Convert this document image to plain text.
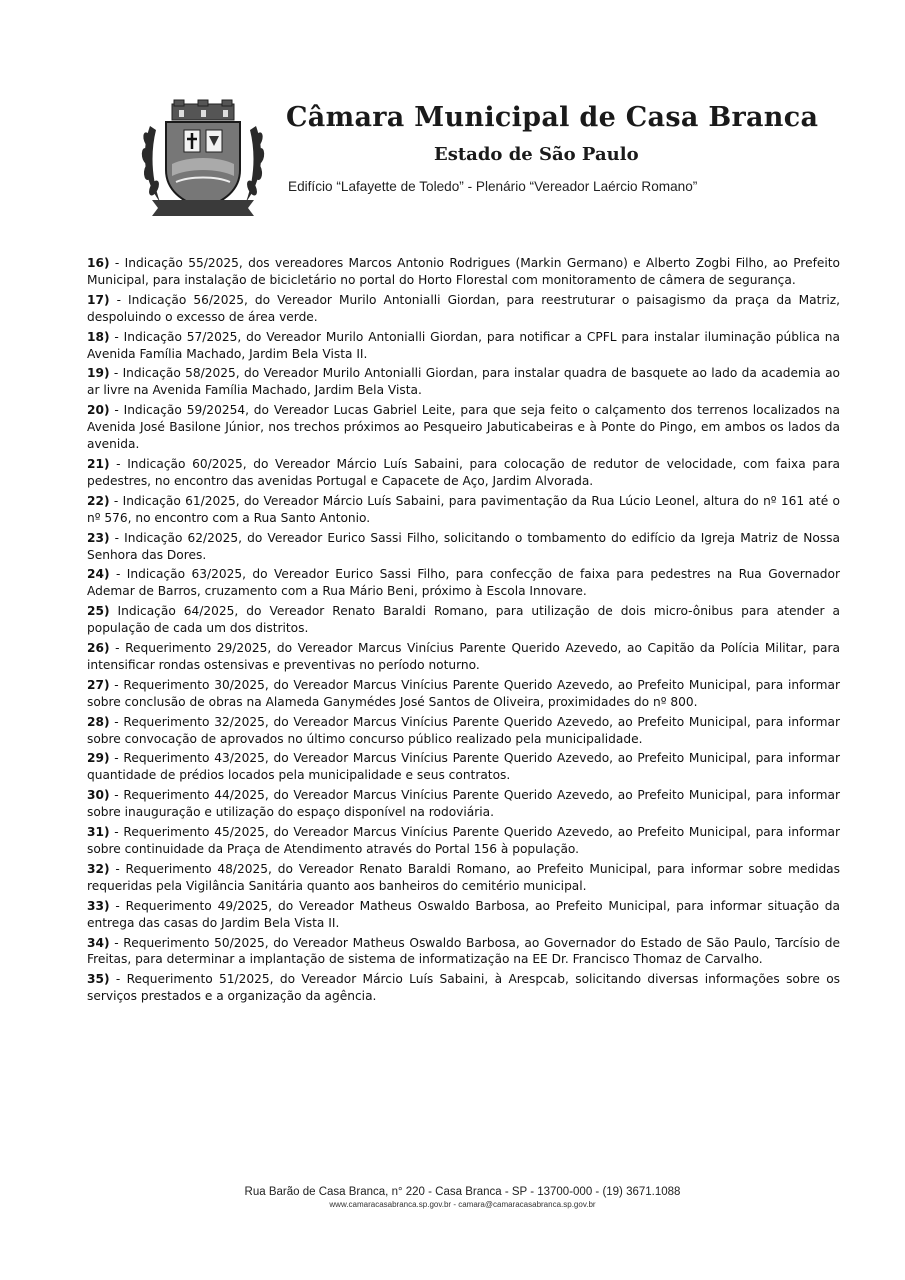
Câmara Municipal de Casa Branca
Estado de São Paulo
Edifício “Lafayette de Toledo” - Plenário “Vereador Laércio Romano”

16) - Indicação 55/2025, dos vereadores Marcos Antonio Rodrigues (Markin Germano) e Alberto Zogbi Filho, ao Prefeito Municipal, para instalação de bicicletário no portal do Horto Florestal com monitoramento de câmera de segurança.

17) - Indicação 56/2025, do Vereador Murilo Antonialli Giordan, para reestruturar o paisagismo da praça da Matriz, despoluindo o excesso de área verde.

18) - Indicação 57/2025, do Vereador Murilo Antonialli Giordan, para notificar a CPFL para instalar iluminação pública na Avenida Família Machado, Jardim Bela Vista II.

19) - Indicação 58/2025, do Vereador Murilo Antonialli Giordan, para instalar quadra de basquete ao lado da academia ao ar livre na Avenida Família Machado, Jardim Bela Vista.

20) - Indicação 59/20254, do Vereador Lucas Gabriel Leite, para que seja feito o calçamento dos terrenos localizados na Avenida José Basilone Júnior, nos trechos próximos ao Pesqueiro Jabuticabeiras e à Ponte do Pingo, em ambos os lados da avenida.

21) - Indicação 60/2025, do Vereador Márcio Luís Sabaini, para colocação de redutor de velocidade, com faixa para pedestres, no encontro das avenidas Portugal e Capacete de Aço, Jardim Alvorada.

22) - Indicação 61/2025, do Vereador Márcio Luís Sabaini, para pavimentação da Rua Lúcio Leonel, altura do nº 161 até o nº 576, no encontro com a Rua Santo Antonio.

23) - Indicação 62/2025, do Vereador Eurico Sassi Filho, solicitando o tombamento do edifício da Igreja Matriz de Nossa Senhora das Dores.

24) - Indicação 63/2025, do Vereador Eurico Sassi Filho, para confecção de faixa para pedestres na Rua Governador Ademar de Barros, cruzamento com a Rua Mário Beni, próximo à Escola Innovare.

25) Indicação 64/2025, do Vereador Renato Baraldi Romano, para utilização de dois micro-ônibus para atender a população de cada um dos distritos.

26) - Requerimento 29/2025, do Vereador Marcus Vinícius Parente Querido Azevedo, ao Capitão da Polícia Militar, para intensificar rondas ostensivas e preventivas no período noturno.

27) - Requerimento 30/2025, do Vereador Marcus Vinícius Parente Querido Azevedo, ao Prefeito Municipal, para informar sobre conclusão de obras na Alameda Ganymédes José Santos de Oliveira, proximidades do nº 800.

28) - Requerimento 32/2025, do Vereador Marcus Vinícius Parente Querido Azevedo, ao Prefeito Municipal, para informar sobre convocação de aprovados no último concurso público realizado pela municipalidade.

29) - Requerimento 43/2025, do Vereador Marcus Vinícius Parente Querido Azevedo, ao Prefeito Municipal, para informar quantidade de prédios locados pela municipalidade e seus contratos.

30) - Requerimento 44/2025, do Vereador Marcus Vinícius Parente Querido Azevedo, ao Prefeito Municipal, para informar sobre inauguração e utilização do espaço disponível na rodoviária.

31) - Requerimento 45/2025, do Vereador Marcus Vinícius Parente Querido Azevedo, ao Prefeito Municipal, para informar sobre continuidade da Praça de Atendimento através do Portal 156 à população.

32) - Requerimento 48/2025, do Vereador Renato Baraldi Romano, ao Prefeito Municipal, para informar sobre medidas requeridas pela Vigilância Sanitária quanto aos banheiros do cemitério municipal.

33) - Requerimento 49/2025, do Vereador Matheus Oswaldo Barbosa, ao Prefeito Municipal, para informar situação da entrega das casas do Jardim Bela Vista II.

34) - Requerimento 50/2025, do Vereador Matheus Oswaldo Barbosa, ao Governador do Estado de São Paulo, Tarcísio de Freitas, para determinar a implantação de sistema de informatização na EE Dr. Francisco Thomaz de Carvalho.

35) - Requerimento 51/2025, do Vereador Márcio Luís Sabaini, à Arespcab, solicitando diversas informações sobre os serviços prestados e a organização da agência.

Rua Barão de Casa Branca, n° 220 - Casa Branca - SP - 13700-000 - (19) 3671.1088
www.camaracasabranca.sp.gov.br - camara@camaracasabranca.sp.gov.br
